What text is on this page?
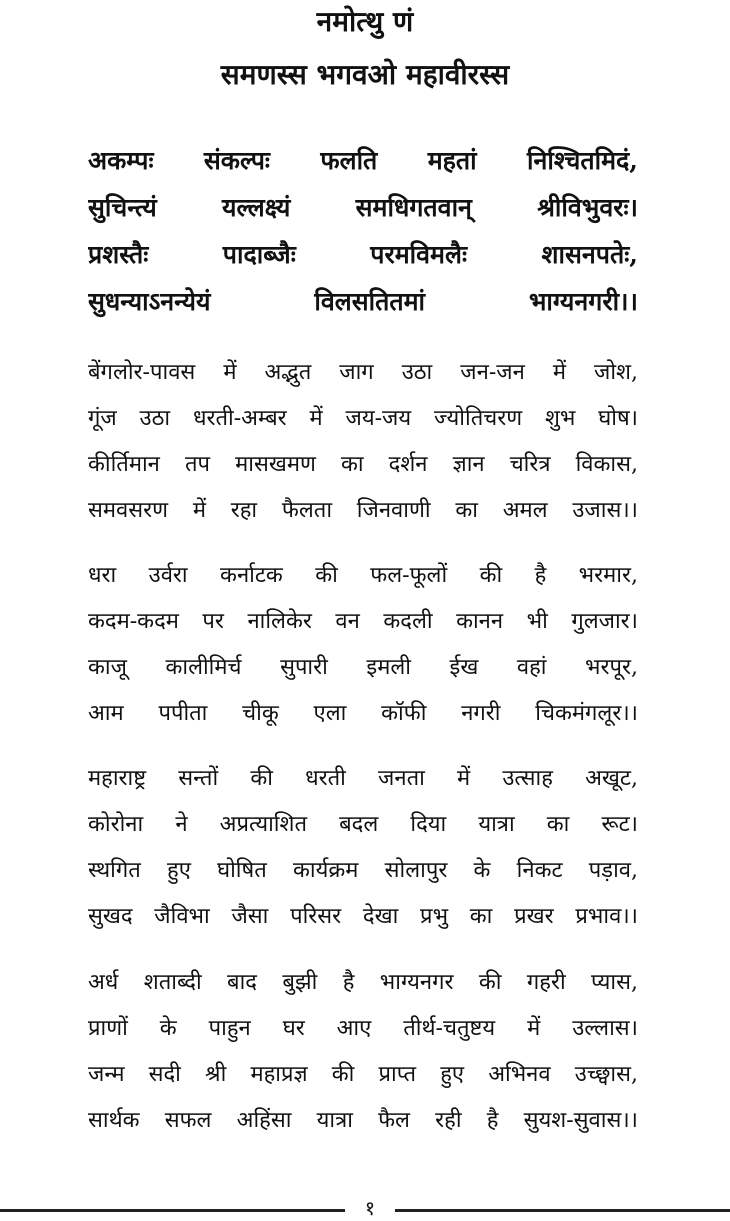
नमोत्थु णं
समणस्स भगवओ महावीरस्स
अकम्पः संकल्पः फलति महतां निश्चितमिदं,
सुचिन्त्यं यल्लक्ष्यं समधिगतवान् श्रीविभुवरः।
प्रशस्तैः पादाब्जैः परमविमलैः शासनपतेः,
सुधन्याऽनन्येयं विलसतितमां भाग्यनगरी।।
बेंगलोर-पावस में अद्भुत जाग उठा जन-जन में जोश,
गूंज उठा धरती-अम्बर में जय-जय ज्योतिचरण शुभ घोष।
कीर्तिमान तप मासखमण का दर्शन ज्ञान चरित्र विकास,
समवसरण में रहा फैलता जिनवाणी का अमल उजास।।
धरा उर्वरा कर्नाटक की फल-फूलों की है भरमार,
कदम-कदम पर नालिकेर वन कदली कानन भी गुलजार।
काजू कालीमिर्च सुपारी इमली ईख वहां भरपूर,
आम पपीता चीकू एला कॉफी नगरी चिकमंगलूर।।
महाराष्ट्र सन्तों की धरती जनता में उत्साह अखूट,
कोरोना ने अप्रत्याशित बदल दिया यात्रा का रूट।
स्थगित हुए घोषित कार्यक्रम सोलापुर के निकट पड़ाव,
सुखद जैविभा जैसा परिसर देखा प्रभु का प्रखर प्रभाव।।
अर्ध शताब्दी बाद बुझी है भाग्यनगर की गहरी प्यास,
प्राणों के पाहुन घर आए तीर्थ-चतुष्टय में उल्लास।
जन्म सदी श्री महाप्रज्ञ की प्राप्त हुए अभिनव उच्छ्वास,
सार्थक सफल अहिंसा यात्रा फैल रही है सुयश-सुवास।।
१
